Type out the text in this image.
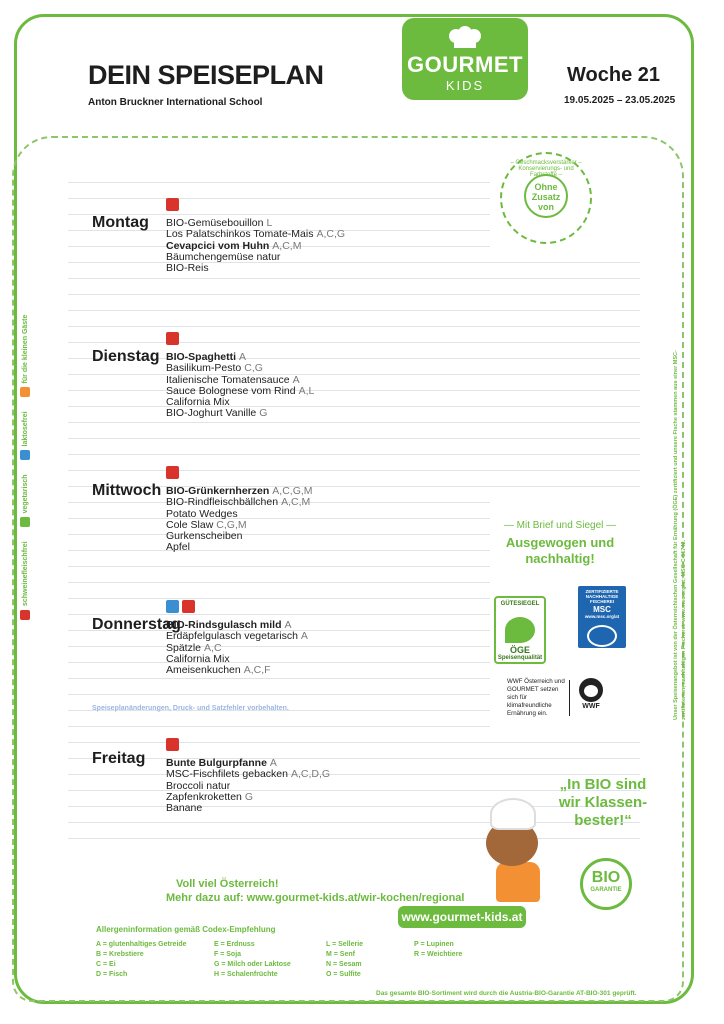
DEIN SPEISEPLAN
Anton Bruckner International School
GOURMET
KIDS	Woche 21
19.05.2025 – 23.05.2025
– Geschmacksverstärker – Konservierungs- und Farbstoffe –
Ohne Zusatz von
Montag BIO-Gemüsebouillon L
Los Palatschinkos Tomate-Mais A,C,G
Cevapcici vom Huhn A,C,M
Bäumchengemüse natur
BIO-Reis
Dienstag BIO-Spaghetti A
Basilikum-Pesto C,G
Italienische Tomatensauce A
Sauce Bolognese vom Rind A,L
California Mix
BIO-Joghurt Vanille G
Mittwoch BIO-Grünkernherzen A,C,G,M
BIO-Rindfleischbällchen A,C,M
Potato Wedges
Cole Slaw C,G,M
Gurkenscheiben
Apfel
Donnerstag
BIO-Rindsgulasch mild A
Erdäpfelgulasch vegetarisch A
Spätzle A,C
California Mix
Ameisenkuchen A,C,F
Freitag Bunte Bulgurpfanne A
MSC-Fischfilets gebacken A,C,D,G
Broccoli natur
Zapfenkroketten G
Banane
— Mit Brief und Siegel —
Ausgewogen und nachhaltig!
GÜTESIEGEL
ÖGE
Speisenqualität
ZERTIFIZIERTE NACHHALTIGE FISCHEREI
MSC
www.msc.org/at
WWF Österreich und GOURMET setzen sich für klimafreundliche Ernährung ein.
WWF
Speiseplanänderungen, Druck- und Satzfehler vorbehalten.
„In BIO sind wir Klassen-bester!“
BIO
GARANTIE
Voll viel Österreich!
Mehr dazu auf: www.gourmet-kids.at/wir-kochen/regional
www.gourmet-kids.at
Allergeninformation gemäß Codex-Empfehlung
A = glutenhaltiges Getreide
B = Krebstiere
C = Ei
D = Fisch
E = Erdnuss
F = Soja
G = Milch oder Laktose
H = Schalenfrüchte
L = Sellerie
M = Senf
N = Sesam
O = Sulfite
P = Lupinen
R = Weichtiere
Das gesamte BIO-Sortiment wird durch die Austria-BIO-Garantie AT-BIO-301 geprüft.
schweinefleischfrei
vegetarisch
laktosefrei
für die kleinen Gäste
Unser Speisenangebot ist von der Österreichischen Gesellschaft für Ernährung (ÖGE) zertifiziert und unsere Fische stammen aus einer MSC-zertifizierten, nachhaltigen Fischerei. www.msc.org/at; MSC-C-51742.
